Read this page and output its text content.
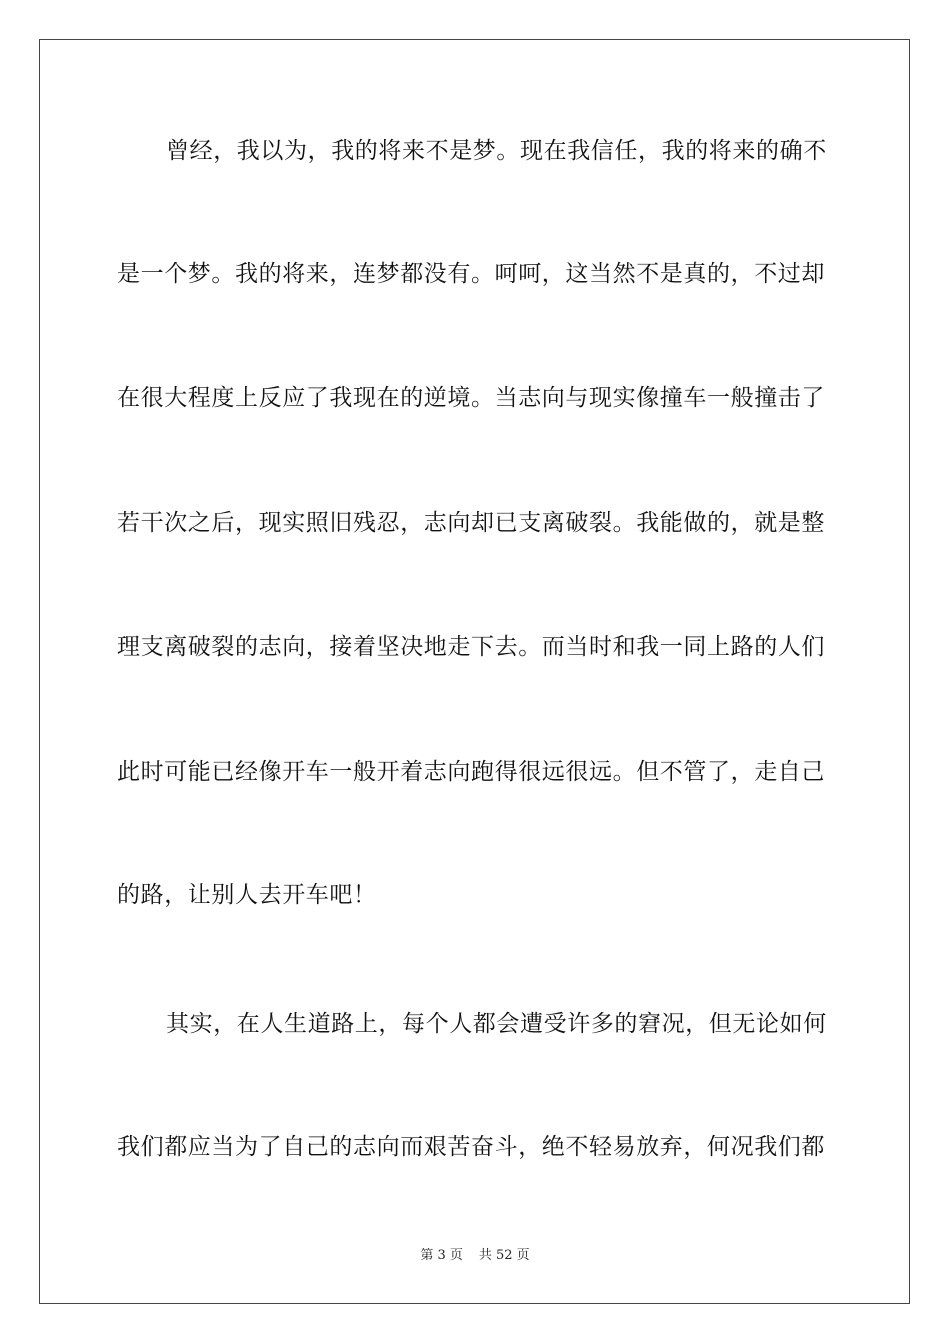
曾经，我以为，我的将来不是梦。现在我信任，我的将来的确不
是一个梦。我的将来，连梦都没有。呵呵，这当然不是真的，不过却
在很大程度上反应了我现在的逆境。当志向与现实像撞车一般撞击了
若干次之后，现实照旧残忍，志向却已支离破裂。我能做的，就是整
理支离破裂的志向，接着坚决地走下去。而当时和我一同上路的人们
此时可能已经像开车一般开着志向跑得很远很远。但不管了，走自己
的路，让别人去开车吧！
其实，在人生道路上，每个人都会遭受许多的窘况，但无论如何
我们都应当为了自己的志向而艰苦奋斗，绝不轻易放弃，何况我们都
第 3 页 共 52 页
